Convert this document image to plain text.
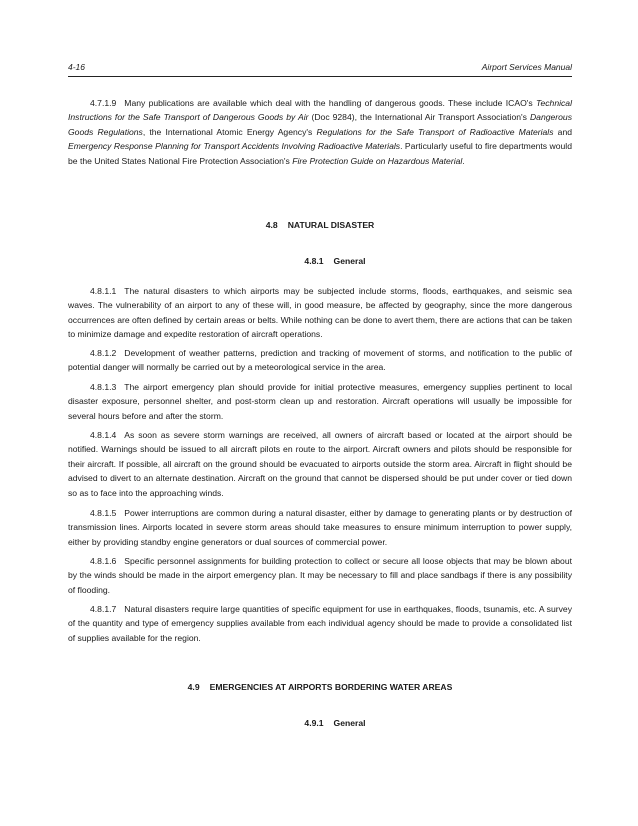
4-16	Airport Services Manual

4.7.1.9 Many publications are available which deal with the handling of dangerous goods. These include ICAO's Technical Instructions for the Safe Transport of Dangerous Goods by Air (Doc 9284), the International Air Transport Association's Dangerous Goods Regulations, the International Atomic Energy Agency's Regulations for the Safe Transport of Radioactive Materials and Emergency Response Planning for Transport Accidents Involving Radioactive Materials. Particularly useful to fire departments would be the United States National Fire Protection Association's Fire Protection Guide on Hazardous Material.

4.8 NATURAL DISASTER
4.8.1 General

4.8.1.1 The natural disasters to which airports may be subjected include storms, floods, earthquakes, and seismic sea waves. The vulnerability of an airport to any of these will, in good measure, be affected by geography, since the more dangerous occurrences are often defined by certain areas or belts. While nothing can be done to avert them, there are actions that can be taken to minimize damage and expedite restoration of aircraft operations.

4.8.1.2 Development of weather patterns, prediction and tracking of movement of storms, and notification to the public of potential danger will normally be carried out by a meteorological service in the area.

4.8.1.3 The airport emergency plan should provide for initial protective measures, emergency supplies pertinent to local disaster exposure, personnel shelter, and post-storm clean up and restoration. Aircraft operations will usually be impossible for several hours before and after the storm.

4.8.1.4 As soon as severe storm warnings are received, all owners of aircraft based or located at the airport should be notified. Warnings should be issued to all aircraft pilots en route to the airport. Aircraft owners and pilots should be responsible for their aircraft. If possible, all aircraft on the ground should be evacuated to airports outside the storm area. Aircraft in flight should be advised to divert to an alternate destination. Aircraft on the ground that cannot be dispersed should be put under cover or tied down so as to face into the approaching winds.

4.8.1.5 Power interruptions are common during a natural disaster, either by damage to generating plants or by destruction of transmission lines. Airports located in severe storm areas should take measures to ensure minimum interruption to power supply, either by providing standby engine generators or dual sources of commercial power.

4.8.1.6 Specific personnel assignments for building protection to collect or secure all loose objects that may be blown about by the winds should be made in the airport emergency plan. It may be necessary to fill and place sandbags if there is any possibility of flooding.

4.8.1.7 Natural disasters require large quantities of specific equipment for use in earthquakes, floods, tsunamis, etc. A survey of the quantity and type of emergency supplies available from each individual agency should be made to provide a consolidated list of supplies available for the region.

4.9 EMERGENCIES AT AIRPORTS BORDERING WATER AREAS
4.9.1 General
